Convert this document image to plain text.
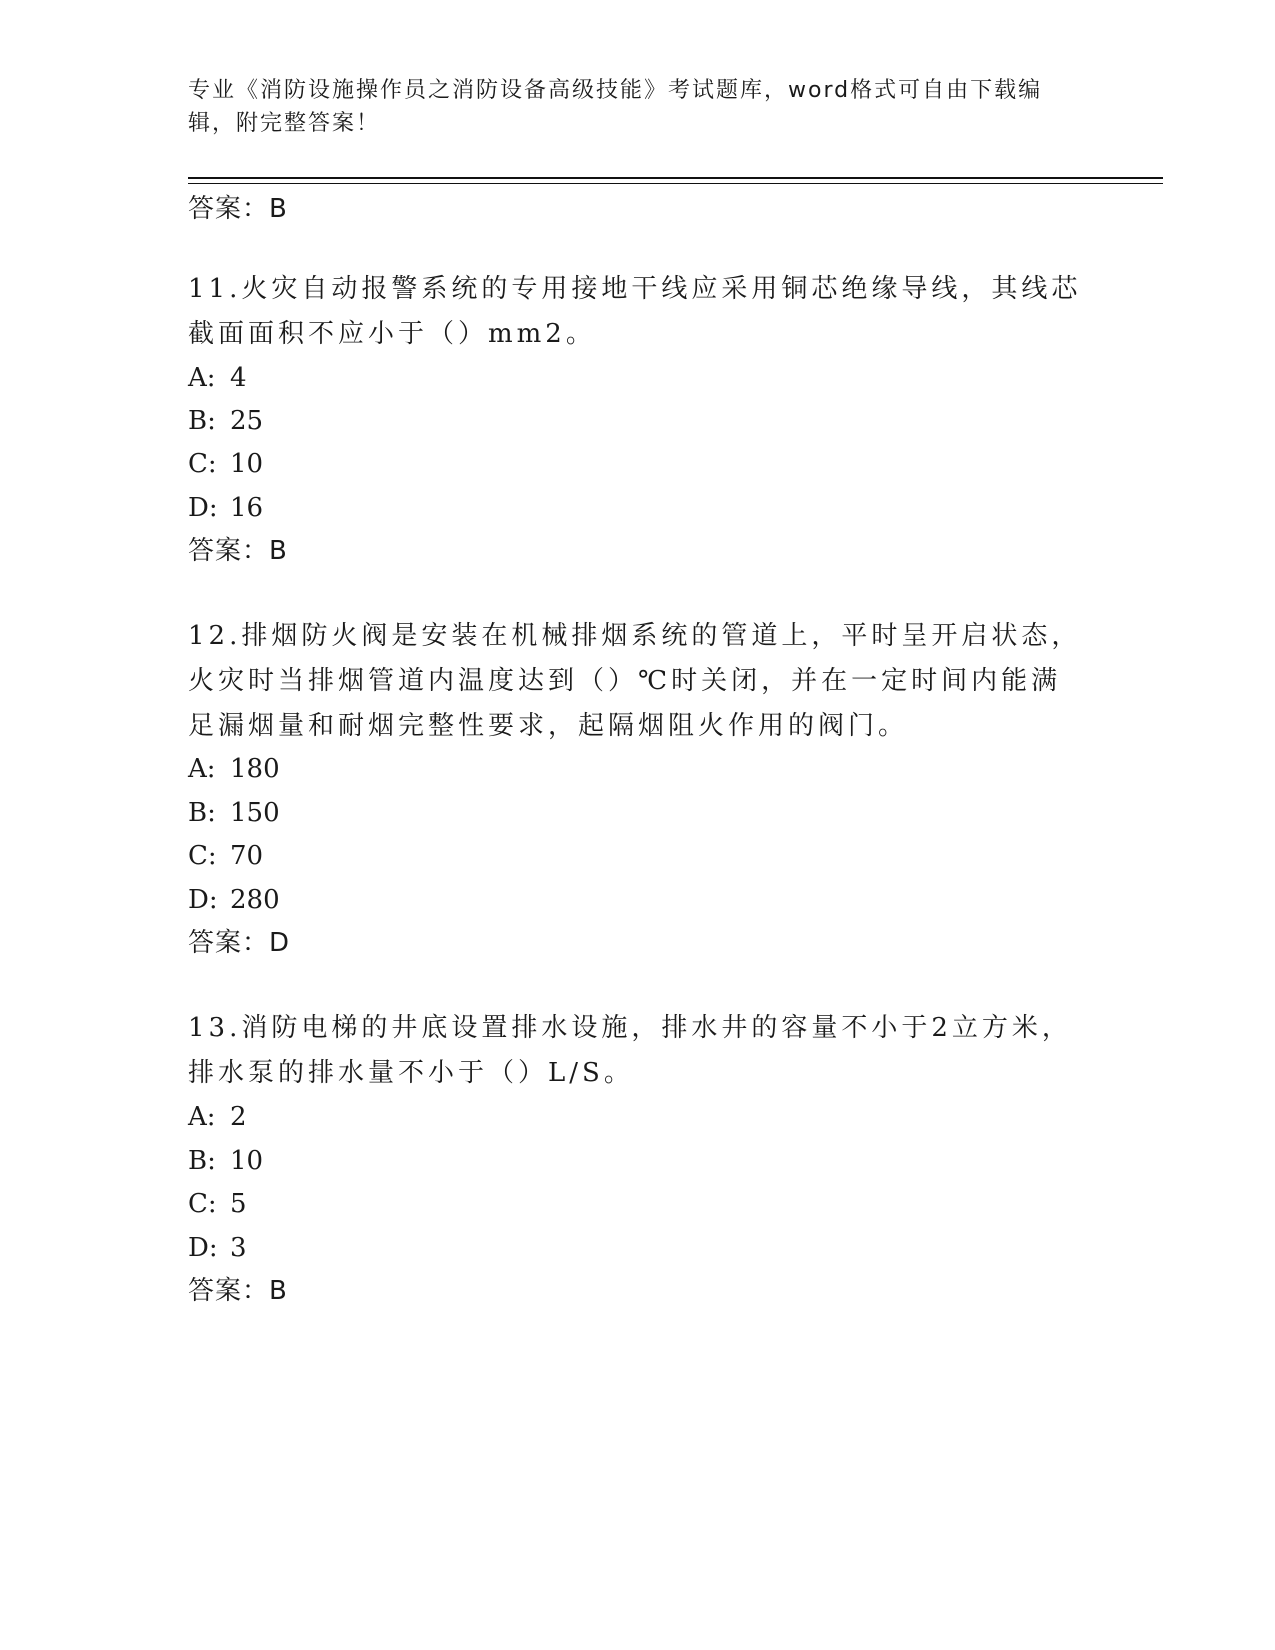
专业《消防设施操作员之消防设备高级技能》考试题库，word格式可自由下载编
辑，附完整答案！
答案：B
11.火灾自动报警系统的专用接地干线应采用铜芯绝缘导线，其线芯截面面积不应小于（）mm2。
A: 4
B: 25
C: 10
D: 16
答案：B
12.排烟防火阀是安装在机械排烟系统的管道上，平时呈开启状态，火灾时当排烟管道内温度达到（）℃时关闭，并在一定时间内能满足漏烟量和耐烟完整性要求，起隔烟阻火作用的阀门。
A: 180
B: 150
C: 70
D: 280
答案：D
13.消防电梯的井底设置排水设施，排水井的容量不小于2立方米，排水泵的排水量不小于（）L/S。
A: 2
B: 10
C: 5
D: 3
答案：B
